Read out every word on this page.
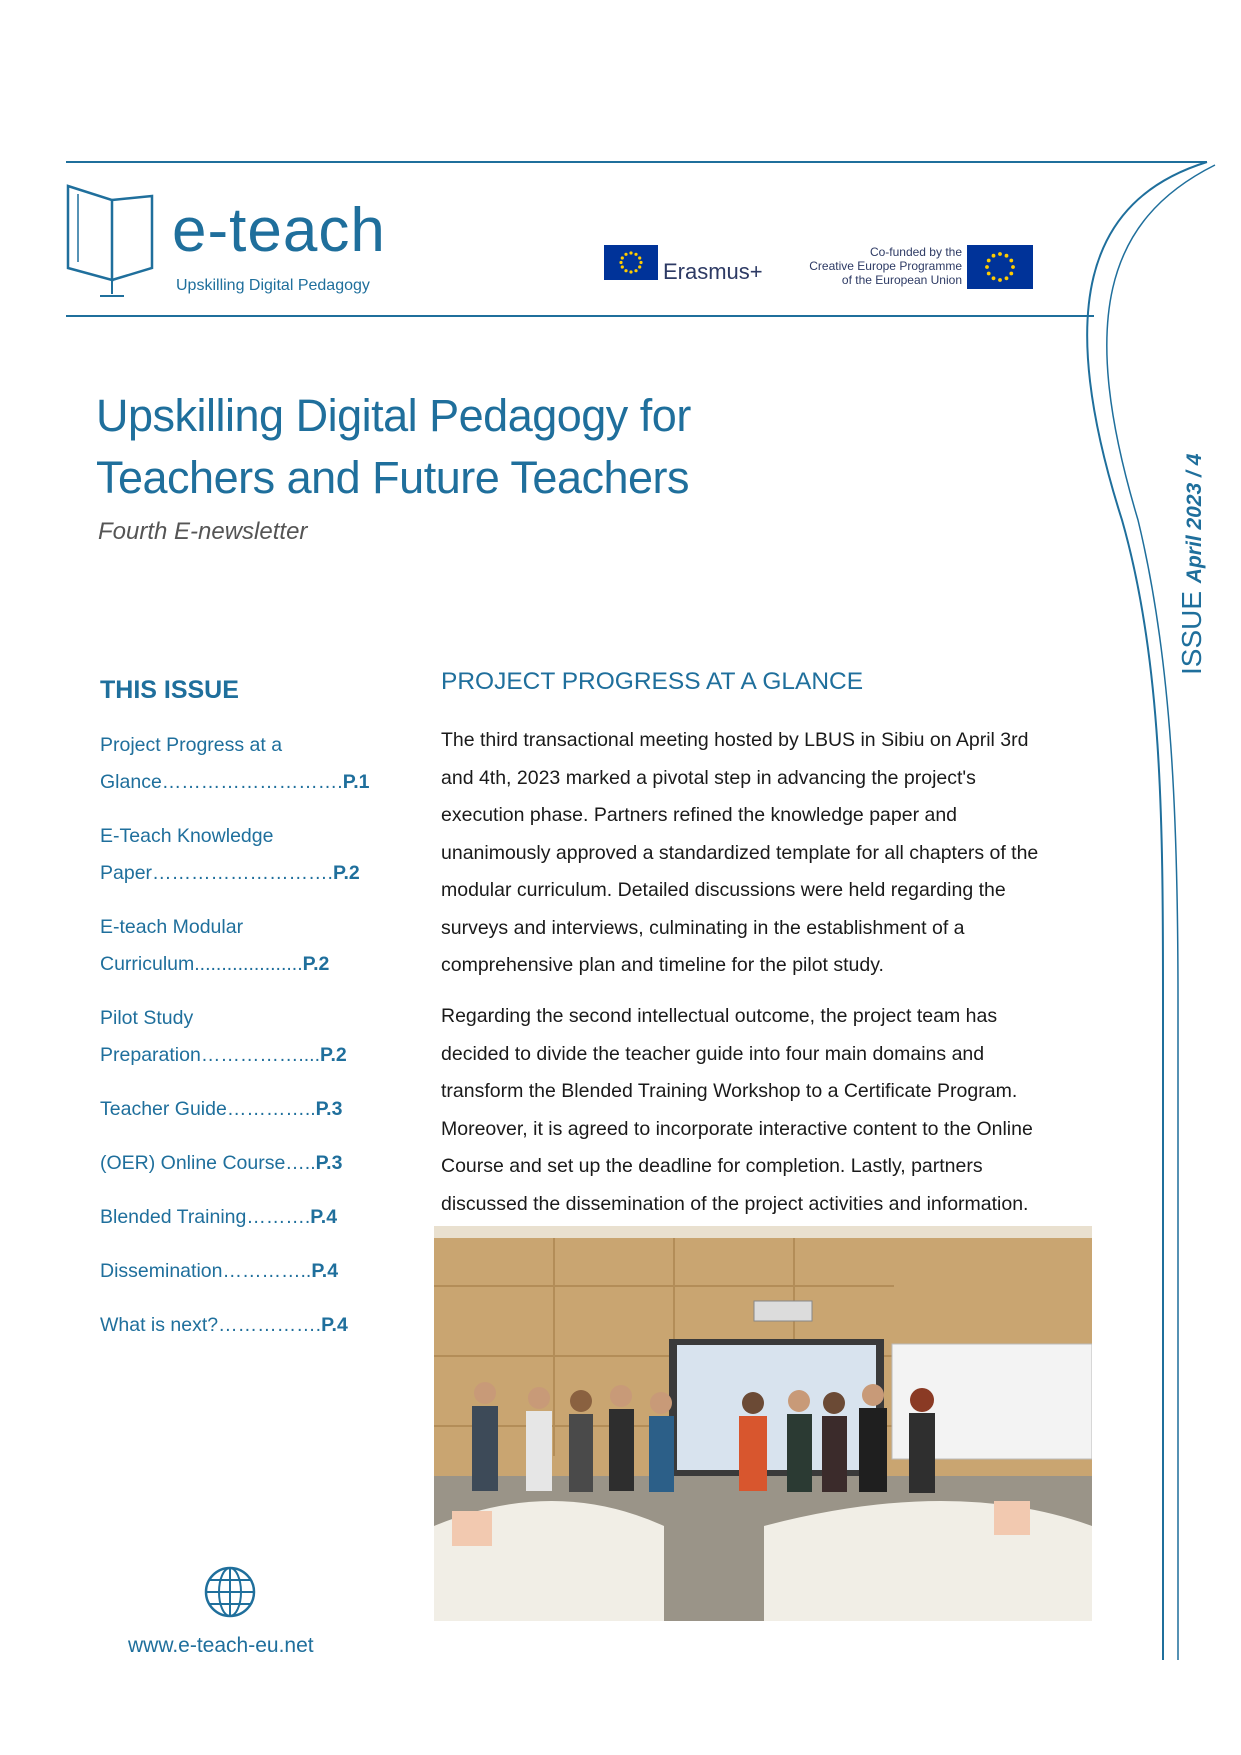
e-teach
Upskilling Digital Pedagogy
Erasmus+
Co-funded by the
Creative Europe Programme
of the European Union
Upskilling Digital Pedagogy for
Teachers and Future Teachers
Fourth E-newsletter
ISSUE April 2023 / 4
THIS ISSUE
Project Progress at a
Glance……………………….P.1
E-Teach Knowledge
Paper……………………….P.2
E-teach Modular
Curriculum....................P.2
Pilot Study
Preparation……………....P.2
Teacher Guide…………..P.3
(OER) Online Course…..P.3
Blended Training……….P.4
Dissemination…………..P.4
What is next?…………….P.4
PROJECT PROGRESS AT A GLANCE
The third transactional meeting hosted by LBUS in Sibiu on April 3rd
and 4th, 2023 marked a pivotal step in advancing the project's
execution phase. Partners refined the knowledge paper and
unanimously approved a standardized template for all chapters of the
modular curriculum. Detailed discussions were held regarding the
surveys and interviews, culminating in the establishment of a
comprehensive plan and timeline for the pilot study.
Regarding the second intellectual outcome, the project team has
decided to divide the teacher guide into four main domains and
transform the Blended Training Workshop to a Certificate Program.
Moreover, it is agreed to incorporate interactive content to the Online
Course and set up the deadline for completion. Lastly, partners
discussed the dissemination of the project activities and information.
www.e-teach-eu.net
